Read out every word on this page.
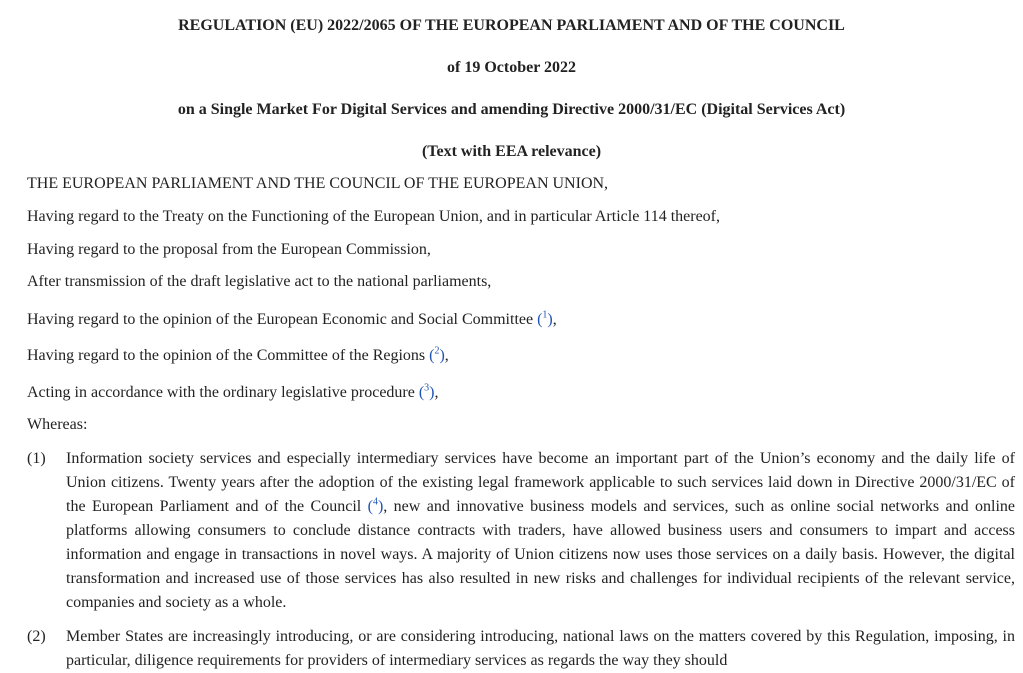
REGULATION (EU) 2022/2065 OF THE EUROPEAN PARLIAMENT AND OF THE COUNCIL
of 19 October 2022
on a Single Market For Digital Services and amending Directive 2000/31/EC (Digital Services Act)
(Text with EEA relevance)

THE EUROPEAN PARLIAMENT AND THE COUNCIL OF THE EUROPEAN UNION,

Having regard to the Treaty on the Functioning of the European Union, and in particular Article 114 thereof,

Having regard to the proposal from the European Commission,

After transmission of the draft legislative act to the national parliaments,

Having regard to the opinion of the European Economic and Social Committee ($^1$),

Having regard to the opinion of the Committee of the Regions ($^2$),

Acting in accordance with the ordinary legislative procedure ($^3$),

Whereas:

(1) Information society services and especially intermediary services have become an important part of the Union’s economy and the daily life of Union citizens. Twenty years after the adoption of the existing legal framework applicable to such services laid down in Directive 2000/31/EC of the European Parliament and of the Council ($^4$), new and innovative business models and services, such as online social networks and online platforms allowing consumers to conclude distance contracts with traders, have allowed business users and consumers to impart and access information and engage in transactions in novel ways. A majority of Union citizens now uses those services on a daily basis. However, the digital transformation and increased use of those services has also resulted in new risks and challenges for individual recipients of the relevant service, companies and society as a whole.
(2) Member States are increasingly introducing, or are considering introducing, national laws on the matters covered by this Regulation, imposing, in particular, diligence requirements for providers of intermediary services as regards the way they should
